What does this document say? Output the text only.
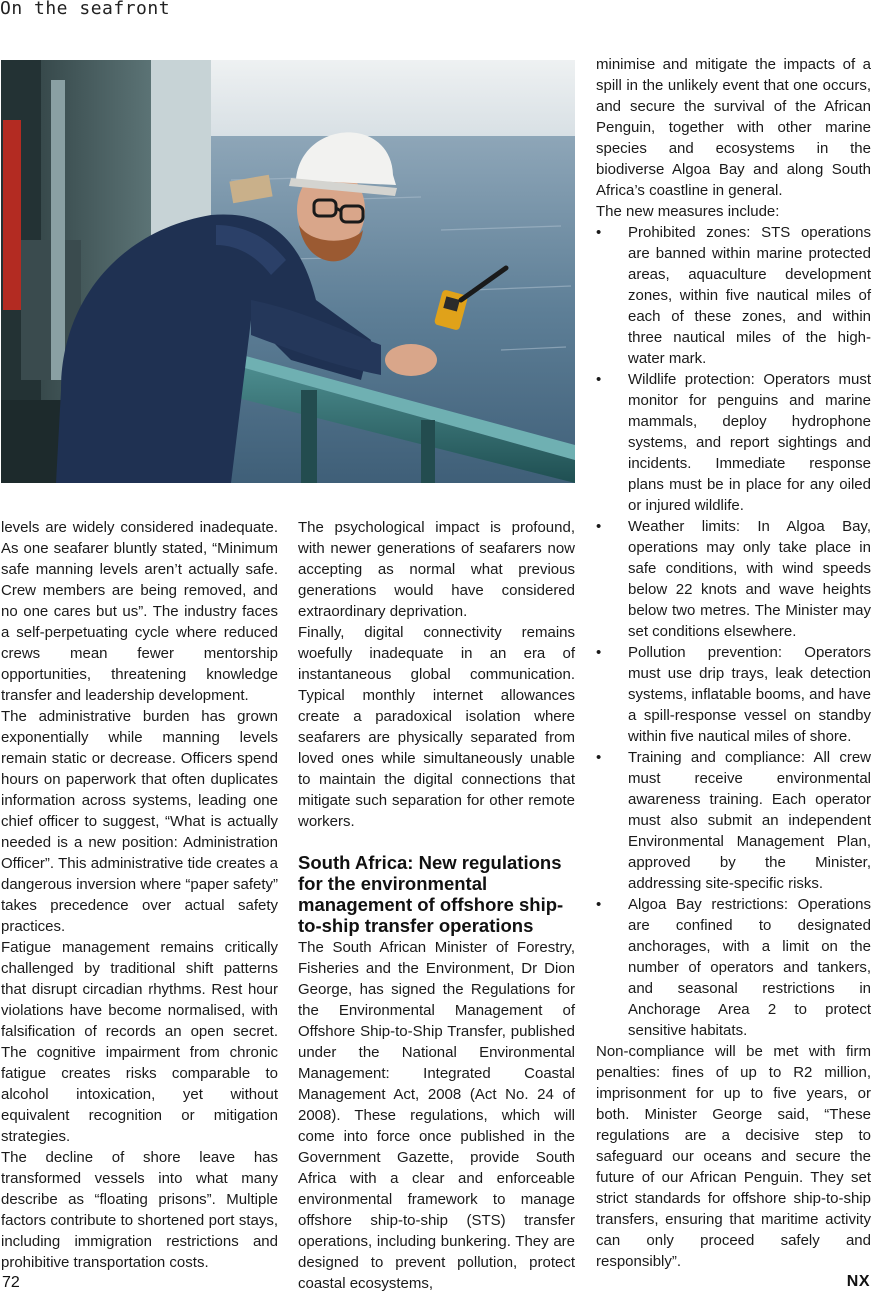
On the seafront

levels are widely considered inadequate. As one seafarer bluntly stated, “Minimum safe manning levels aren’t actually safe. Crew members are being removed, and no one cares but us”. The industry faces a self-perpetuating cycle where reduced crews mean fewer mentorship opportunities, threatening knowledge transfer and leadership development.

The administrative burden has grown exponentially while manning levels remain static or decrease. Officers spend hours on paperwork that often duplicates information across systems, leading one chief officer to suggest, “What is actually needed is a new position: Administration Officer”. This administrative tide creates a dangerous inversion where “paper safety” takes precedence over actual safety practices.

Fatigue management remains critically challenged by traditional shift patterns that disrupt circadian rhythms. Rest hour violations have become normalised, with falsification of records an open secret. The cognitive impairment from chronic fatigue creates risks comparable to alcohol intoxication, yet without equivalent recognition or mitigation strategies.

The decline of shore leave has transformed vessels into what many describe as “floating prisons”. Multiple factors contribute to shortened port stays, including immigration restrictions and prohibitive transportation costs.

The psychological impact is profound, with newer generations of seafarers now accepting as normal what previous generations would have considered extraordinary deprivation.

Finally, digital connectivity remains woefully inadequate in an era of instantaneous global communication. Typical monthly internet allowances create a paradoxical isolation where seafarers are physically separated from loved ones while simultaneously unable to maintain the digital connections that mitigate such separation for other remote workers.

South Africa: New regulations for the environmental management of offshore ship-to-ship transfer operations

The South African Minister of Forestry, Fisheries and the Environment, Dr Dion George, has signed the Regulations for the Environmental Management of Offshore Ship-to-Ship Transfer, published under the National Environmental Management: Integrated Coastal Management Act, 2008 (Act No. 24 of 2008). These regulations, which will come into force once published in the Government Gazette, provide South Africa with a clear and enforceable environmental framework to manage offshore ship-to-ship (STS) transfer operations, including bunkering. They are designed to prevent pollution, protect coastal ecosystems,

minimise and mitigate the impacts of a spill in the unlikely event that one occurs, and secure the survival of the African Penguin, together with other marine species and ecosystems in the biodiverse Algoa Bay and along South Africa’s coastline in general.

The new measures include:

• Prohibited zones: STS operations are banned within marine protected areas, aquaculture development zones, within five nautical miles of each of these zones, and within three nautical miles of the high-water mark.
• Wildlife protection: Operators must monitor for penguins and marine mammals, deploy hydrophone systems, and report sightings and incidents. Immediate response plans must be in place for any oiled or injured wildlife.
• Weather limits: In Algoa Bay, operations may only take place in safe conditions, with wind speeds below 22 knots and wave heights below two metres. The Minister may set conditions elsewhere.
• Pollution prevention: Operators must use drip trays, leak detection systems, inflatable booms, and have a spill-response vessel on standby within five nautical miles of shore.
• Training and compliance: All crew must receive environmental awareness training. Each operator must also submit an independent Environmental Management Plan, approved by the Minister, addressing site-specific risks.
• Algoa Bay restrictions: Operations are confined to designated anchorages, with a limit on the number of operators and tankers, and seasonal restrictions in Anchorage Area 2 to protect sensitive habitats.

Non-compliance will be met with firm penalties: fines of up to R2 million, imprisonment for up to five years, or both. Minister George said, “These regulations are a decisive step to safeguard our oceans and secure the future of our African Penguin. They set strict standards for offshore ship-to-ship transfers, ensuring that maritime activity can only proceed safely and responsibly”.

72	NX
